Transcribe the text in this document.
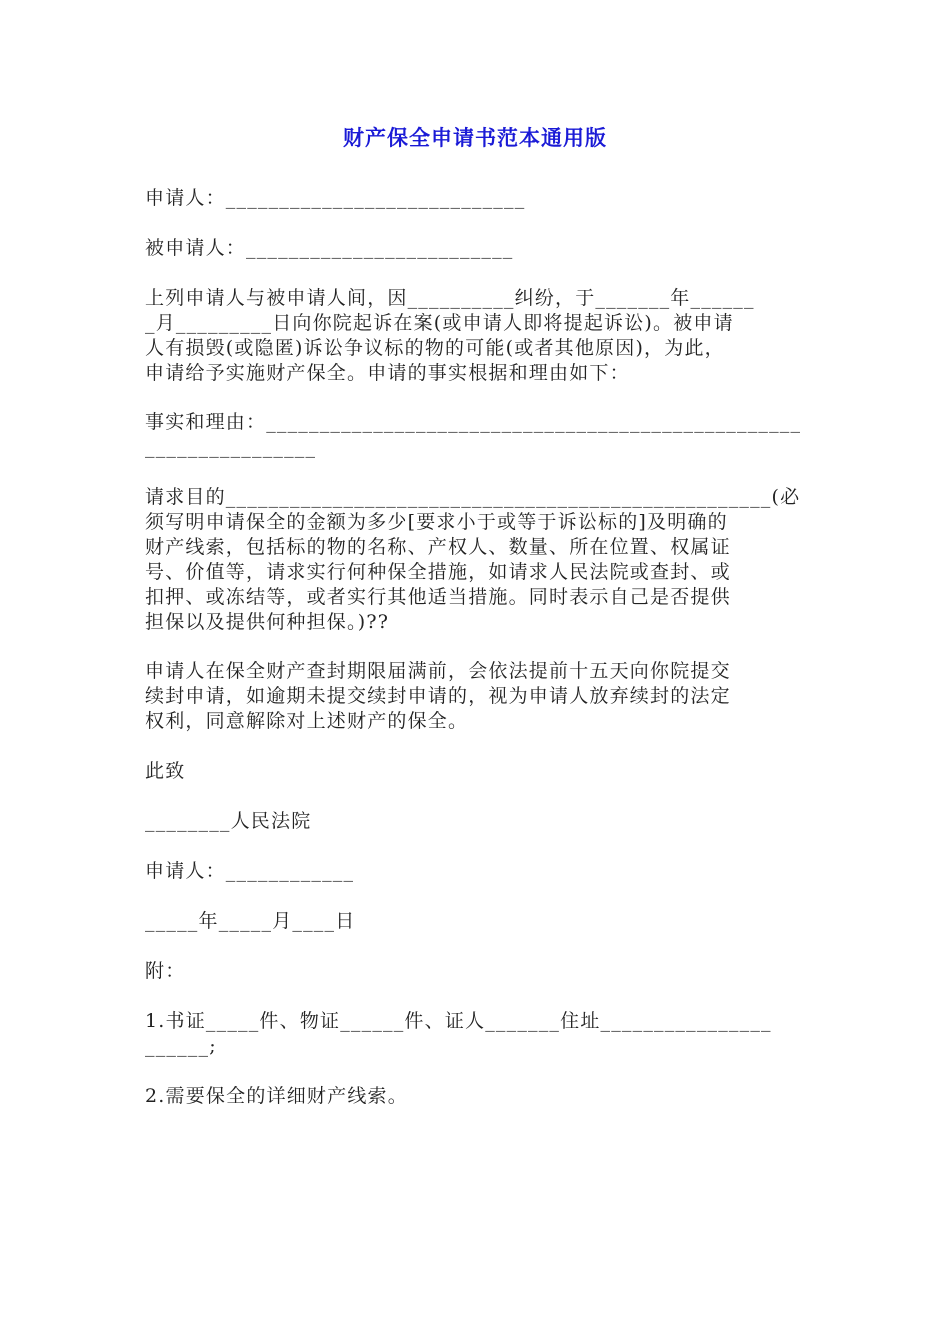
财产保全申请书范本通用版

申请人：____________________________

被申请人：_________________________

上列申请人与被申请人间，因__________纠纷，于_______年______
_月_________日向你院起诉在案(或申请人即将提起诉讼)。被申请
人有损毁(或隐匿)诉讼争议标的物的可能(或者其他原因)，为此，
申请给予实施财产保全。申请的事实根据和理由如下：

事实和理由：__________________________________________________
________________

请求目的___________________________________________________(必
须写明申请保全的金额为多少[要求小于或等于诉讼标的]及明确的
财产线索，包括标的物的名称、产权人、数量、所在位置、权属证
号、价值等，请求实行何种保全措施，如请求人民法院或查封、或
扣押、或冻结等，或者实行其他适当措施。同时表示自己是否提供
担保以及提供何种担保。)??

申请人在保全财产查封期限届满前，会依法提前十五天向你院提交
续封申请，如逾期未提交续封申请的，视为申请人放弃续封的法定
权利，同意解除对上述财产的保全。

此致

________人民法院

申请人：____________

_____年_____月____日

附：

1.书证_____件、物证______件、证人_______住址________________
______;

2.需要保全的详细财产线索。
